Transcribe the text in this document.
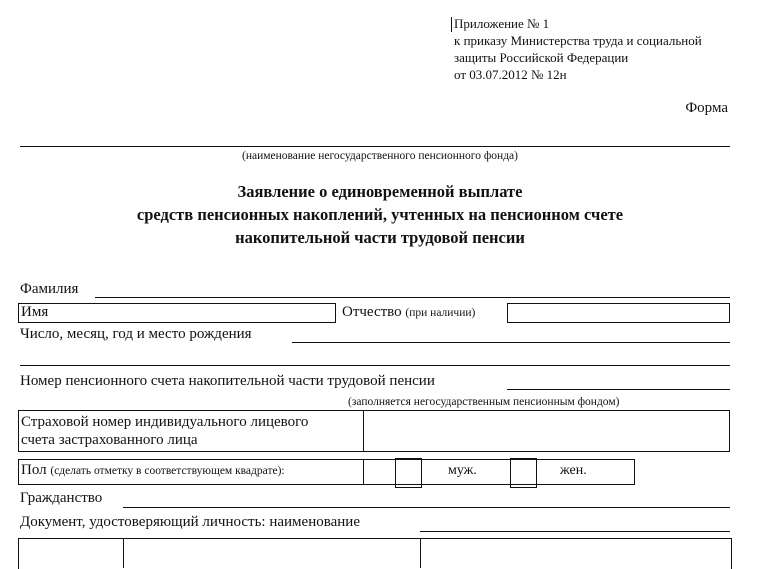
Приложение № 1
к приказу Министерства труда и социальной
защиты Российской Федерации
от 03.07.2012 № 12н
Форма
(наименование негосударственного пенсионного фонда)
Заявление о единовременной выплате
средств пенсионных накоплений, учтенных на пенсионном счете
накопительной части трудовой пенсии
Фамилия
Имя	Отчество (при наличии)
Число, месяц, год и место рождения
Номер пенсионного счета накопительной части трудовой пенсии
(заполняется негосударственным пенсионным фондом)
Страховой номер индивидуального лицевого
счета застрахованного лица
Пол (сделать отметку в соответствующем квадрате):	муж.	жен.
Гражданство
Документ, удостоверяющий личность: наименование
